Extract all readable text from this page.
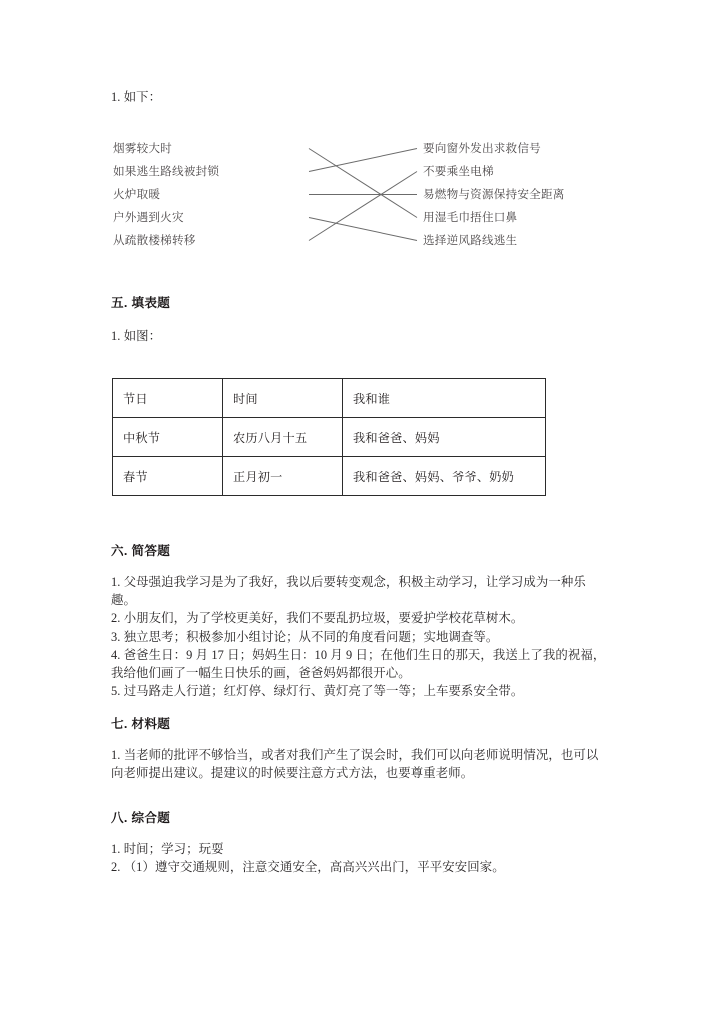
1. 如下：
烟雾较大时
如果逃生路线被封锁
火炉取暖
户外遇到火灾
从疏散楼梯转移
要向窗外发出求救信号
不要乘坐电梯
易燃物与资源保持安全距离
用湿毛巾捂住口鼻
选择逆风路线逃生
五. 填表题
1. 如图：
节日	时间	我和谁
中秋节	农历八月十五	我和爸爸、妈妈
春节	正月初一	我和爸爸、妈妈、爷爷、奶奶
六. 简答题

1. 父母强迫我学习是为了我好，我以后要转变观念，积极主动学习，让学习成为一种乐趣。

2. 小朋友们，为了学校更美好，我们不要乱扔垃圾，要爱护学校花草树木。

3. 独立思考；积极参加小组讨论；从不同的角度看问题；实地调查等。

4. 爸爸生日：9 月 17 日；妈妈生日：10 月 9 日；在他们生日的那天，我送上了我的祝福，我给他们画了一幅生日快乐的画，爸爸妈妈都很开心。

5. 过马路走人行道；红灯停、绿灯行、黄灯亮了等一等；上车要系安全带。

七. 材料题

1. 当老师的批评不够恰当，或者对我们产生了误会时，我们可以向老师说明情况，也可以向老师提出建议。提建议的时候要注意方式方法，也要尊重老师。

八. 综合题

1. 时间；学习；玩耍

2. （1）遵守交通规则，注意交通安全，高高兴兴出门，平平安安回家。
